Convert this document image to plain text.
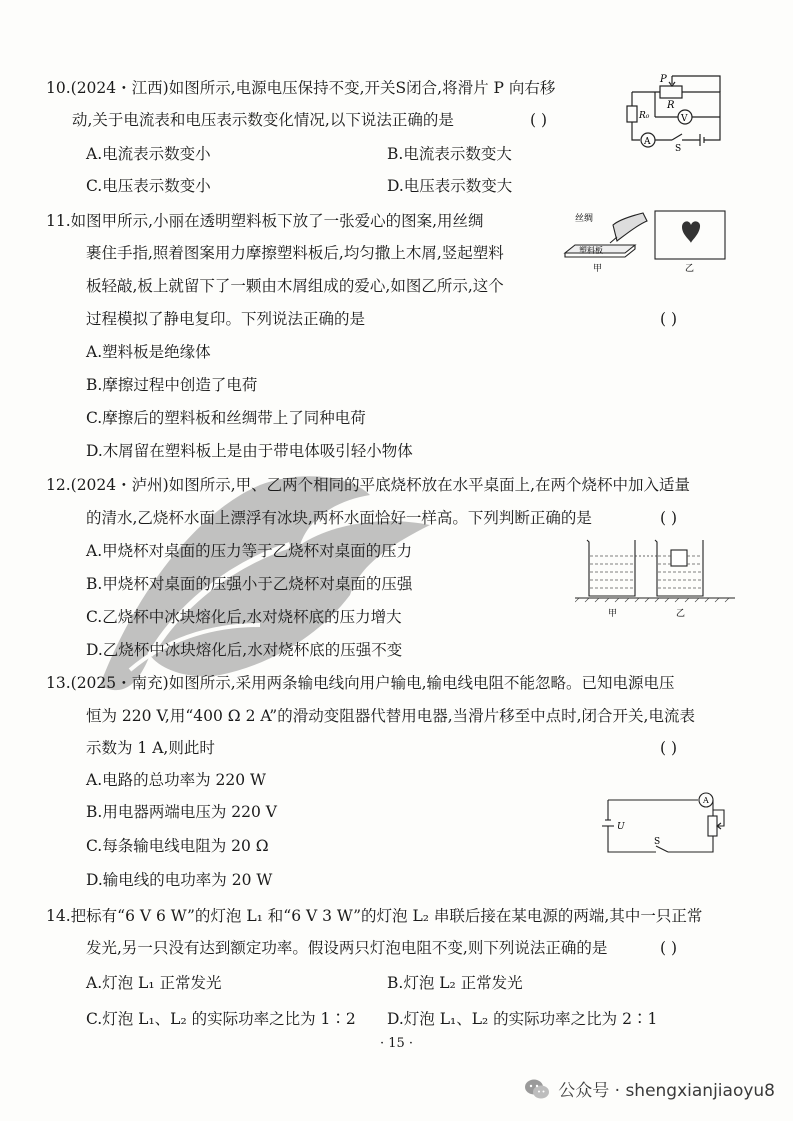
10.(2024・江西)如图所示,电源电压保持不变,开关S闭合,将滑片 P 向右移
动,关于电流表和电压表示数变化情况,以下说法正确的是	( )
A.电流表示数变小	B.电流表示数变大
C.电压表示数变小	D.电压表示数变大
P
R
R₀	V
A
S
11.如图甲所示,小丽在透明塑料板下放了一张爱心的图案,用丝绸
裹住手指,照着图案用力摩擦塑料板后,均匀撒上木屑,竖起塑料
板轻敲,板上就留下了一颗由木屑组成的爱心,如图乙所示,这个
过程模拟了静电复印。下列说法正确的是	( )
A.塑料板是绝缘体
B.摩擦过程中创造了电荷
C.摩擦后的塑料板和丝绸带上了同种电荷
D.木屑留在塑料板上是由于带电体吸引轻小物体
丝绸
塑料板
甲	乙
12.(2024・泸州)如图所示,甲、乙两个相同的平底烧杯放在水平桌面上,在两个烧杯中加入适量
的清水,乙烧杯水面上漂浮有冰块,两杯水面恰好一样高。下列判断正确的是	( )
A.甲烧杯对桌面的压力等于乙烧杯对桌面的压力
B.甲烧杯对桌面的压强小于乙烧杯对桌面的压强
C.乙烧杯中冰块熔化后,水对烧杯底的压力增大
D.乙烧杯中冰块熔化后,水对烧杯底的压强不变
甲	乙
13.(2025・南充)如图所示,采用两条输电线向用户输电,输电线电阻不能忽略。已知电源电压
恒为 220 V,用“400 Ω 2 A”的滑动变阻器代替用电器,当滑片移至中点时,闭合开关,电流表
示数为 1 A,则此时	( )
A.电路的总功率为 220 W
B.用电器两端电压为 220 V
C.每条输电线电阻为 20 Ω
D.输电线的电功率为 20 W
A
U
S
14.把标有“6 V 6 W”的灯泡 L₁ 和“6 V 3 W”的灯泡 L₂ 串联后接在某电源的两端,其中一只正常
发光,另一只没有达到额定功率。假设两只灯泡电阻不变,则下列说法正确的是	( )
A.灯泡 L₁ 正常发光	B.灯泡 L₂ 正常发光
C.灯泡 L₁、L₂ 的实际功率之比为 1∶2 D.灯泡 L₁、L₂ 的实际功率之比为 2∶1
· 15 ·
公众号 · shengxianjiaoyu8
